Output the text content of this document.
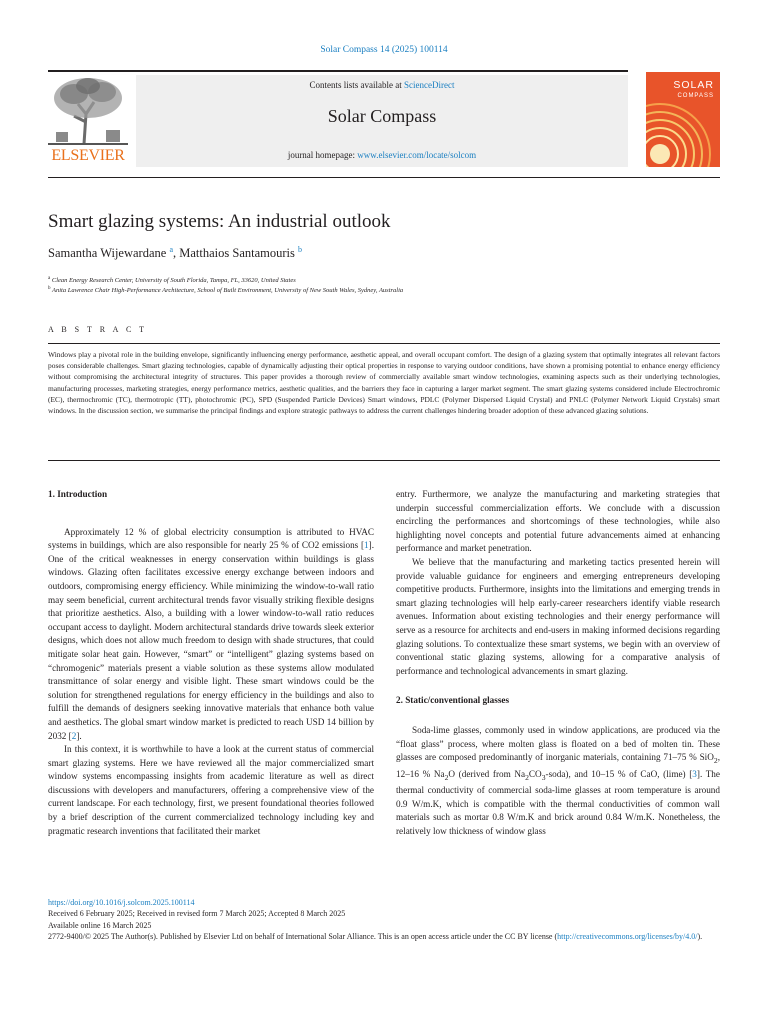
Solar Compass 14 (2025) 100114
ELSEVIER
Contents lists available at ScienceDirect
Solar Compass
journal homepage: www.elsevier.com/locate/solcom
SOLAR
COMPASS
Smart glazing systems: An industrial outlook
Samantha Wijewardane $^a$, Matthaios Santamouris $^b$
$^a$ Clean Energy Research Center, University of South Florida, Tampa, FL, 33620, United States
$^b$ Anita Lawrence Chair High-Performance Architecture, School of Built Environment, University of New South Wales, Sydney, Australia
A B S T R A C T
Windows play a pivotal role in the building envelope, significantly influencing energy performance, aesthetic appeal, and overall occupant comfort. The design of a glazing system that optimally integrates all relevant factors poses considerable challenges. Smart glazing technologies, capable of dynamically adjusting their optical properties in response to varying outdoor conditions, have shown a promising potential to enhance energy efficiency without compromising the architectural integrity of structures. This paper provides a thorough review of commercially available smart window technologies, examining aspects such as their underlying technologies, manufacturing processes, marketing strategies, energy performance metrics, aesthetic qualities, and the barriers they face in capturing a larger market segment. The smart glazing systems considered include Electrochromic (EC), thermochromic (TC), thermotropic (TT), photochromic (PC), SPD (Suspended Particle Devices) Smart windows, PDLC (Polymer Dispersed Liquid Crystal) and PNLC (Polymer Network Liquid Crystals) smart windows. In the discussion section, we summarise the principal findings and explore strategic pathways to address the current challenges hindering broader adoption of these advanced glazing solutions.
1. Introduction

Approximately 12 % of global electricity consumption is attributed to HVAC systems in buildings, which are also responsible for nearly 25 % of CO2 emissions [1]. One of the critical weaknesses in energy conservation within buildings is glass windows. Glazing often facilitates excessive energy exchange between indoors and outdoors, compromising energy efficiency. While minimizing the window-to-wall ratio may seem beneficial, current architectural trends favor visually striking flexible designs that prioritize aesthetics. Also, a building with a lower window-to-wall ratio reduces occupant access to daylight. Modern architectural standards drive towards sleek exterior designs, which does not allow much freedom to design with shade structures, that could mitigate solar heat gain. However, “smart” or “intelligent” glazing systems based on “chromogenic” materials present a viable solution as these systems allow modulated transmittance of solar energy and visible light. These smart windows could be the solution for strengthened regulations for energy efficiency in the buildings and also to fulfill the demands of designers seeking innovative materials that enhance both value and aesthetics. The global smart window market is predicted to reach USD 14 billion by 2032 [2].

In this context, it is worthwhile to have a look at the current status of commercial smart glazing systems. Here we have reviewed all the major commercialized smart window systems encompassing insights from academic literature as well as direct discussions with developers and manufacturers, offering a comprehensive view of the current landscape. For each technology, first, we present foundational theories followed by a brief description of the current commercialized technology including key and pragmatic research inventions that facilitated their market

entry. Furthermore, we analyze the manufacturing and marketing strategies that underpin successful commercialization efforts. We conclude with a discussion encircling the performances and shortcomings of these technologies, while also highlighting novel concepts and potential future advancements aimed at enhancing performance and market penetration.

We believe that the manufacturing and marketing tactics presented herein will provide valuable guidance for engineers and emerging entrepreneurs developing competitive products. Furthermore, insights into the limitations and emerging trends in smart glazing technologies will help early-career researchers identify viable research avenues. Information about existing technologies and their energy performance will serve as a resource for architects and end-users in making informed decisions regarding glazing solutions. To contextualize these smart systems, we begin with an overview of conventional static glazing systems, allowing for a comparative analysis of performance and technological advancements in smart glazing.

2. Static/conventional glasses

Soda-lime glasses, commonly used in window applications, are produced via the “float glass” process, where molten glass is floated on a bed of molten tin. These glasses are composed predominantly of inorganic materials, containing 71–75 % SiO$_2$, 12–16 % $Na_2O$ (derived from $Na_2CO_3-soda$), and 10–15 % of CaO, (lime) [3]. The thermal conductivity of commercial soda-lime glasses at room temperature is around 0.9 W/m.K, which is compatible with the thermal conductivities of common wall materials such as mortar 0.8 W/m.K and brick around 0.84 W/m.K. Nonetheless, the relatively low thickness of window glass

https://doi.org/10.1016/j.solcom.2025.100114
Received 6 February 2025; Received in revised form 7 March 2025; Accepted 8 March 2025
Available online 16 March 2025
2772-9400/© 2025 The Author(s). Published by Elsevier Ltd on behalf of International Solar Alliance. This is an open access article under the CC BY license (http://creativecommons.org/licenses/by/4.0/).
